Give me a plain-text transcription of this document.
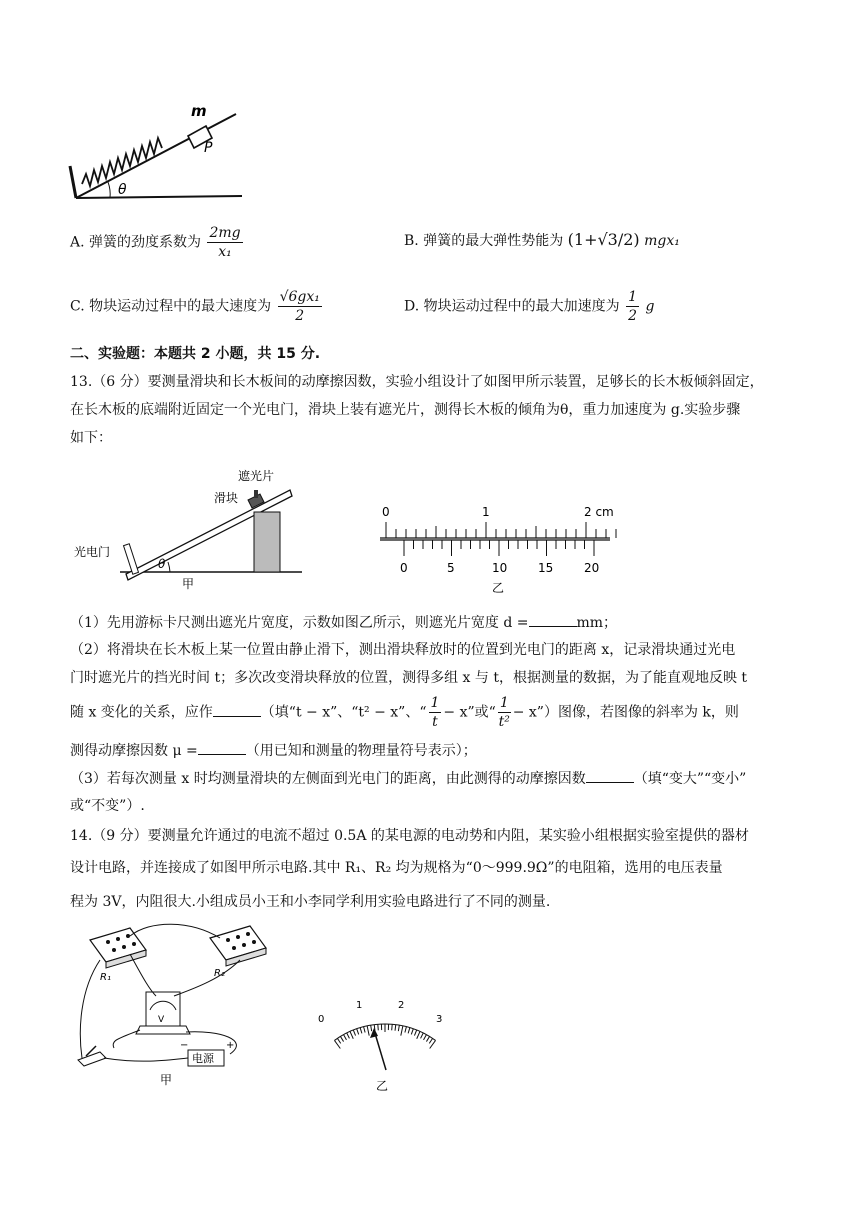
m
P
θ
A. 弹簧的劲度系数为 $\frac{2mg}{\text{x₁}}$	B. 弹簧的最大弹性势能为 (1+√3/2) mgx₁
C. 物块运动过程中的最大速度为 $\frac{\text{√6gx₁}}{2}$	D. 物块运动过程中的最大加速度为 $\frac{1}{2}$ g
二、实验题：本题共 2 小题，共 15 分.
13.（6 分）要测量滑块和长木板间的动摩擦因数，实验小组设计了如图甲所示装置，足够长的长木板倾斜固定，
在长木板的底端附近固定一个光电门，滑块上装有遮光片，测得长木板的倾角为θ，重力加速度为 g.实验步骤
如下：
θ
遮光片
滑块
光电门
甲
0	1	2 cm
0	5	10	15	20
乙
（1）先用游标卡尺测出遮光片宽度，示数如图乙所示，则遮光片宽度 d =	mm；
（2）将滑块在长木板上某一位置由静止滑下，测出滑块释放时的位置到光电门的距离 x，记录滑块通过光电
门时遮光片的挡光时间 t；多次改变滑块释放的位置，测得多组 x 与 t，根据测量的数据，为了能直观地反映 t
随 x 变化的关系，应作	（填“t − x”、“t² − x”、“ $\frac{1}{t} - x$”或“ $\frac{1}{\text{t²}}$ − x”）图像，若图像的斜率为 k，则
测得动摩擦因数 μ =	（用已知和测量的物理量符号表示）；
（3）若每次测量 x 时均测量滑块的左侧面到光电门的距离，由此测得的动摩擦因数	（填“变大”“变小”
或“不变”）.
14.（9 分）要测量允许通过的电流不超过 0.5A 的某电源的电动势和内阻，某实验小组根据实验室提供的器材
设计电路，并连接成了如图甲所示电路.其中 R₁、R₂ 均为规格为“0～999.9Ω”的电阻箱，选用的电压表量
程为 3V，内阻很大.小组成员小王和小李同学利用实验电路进行了不同的测量.
R₁	R₂
V
电源
−	+
甲
0
1	2
3
乙
